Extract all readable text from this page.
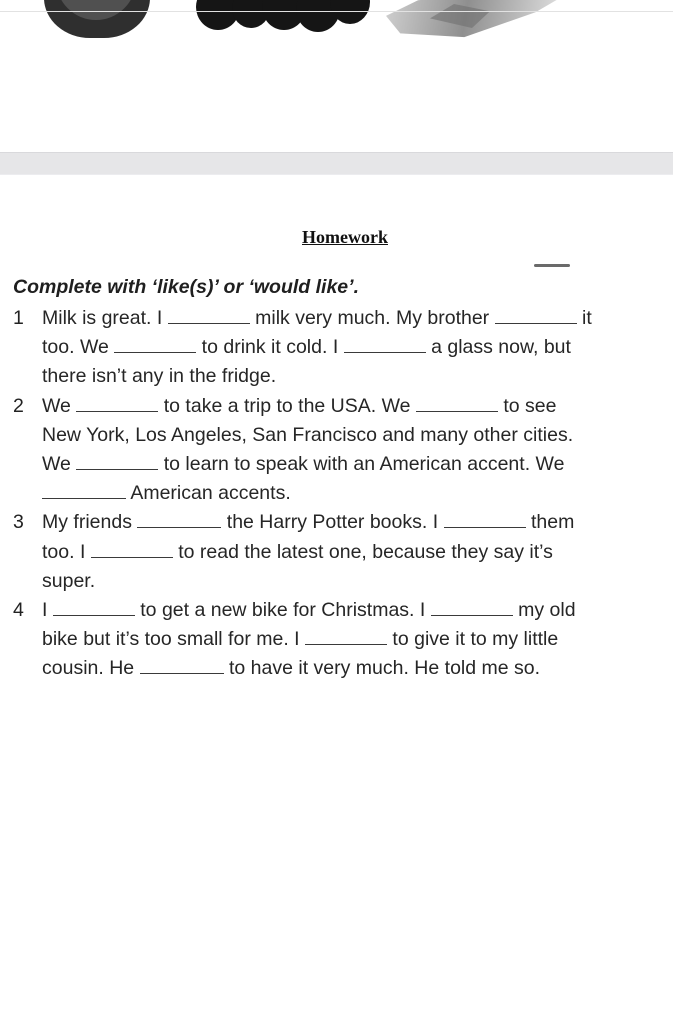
Homework
Complete with ‘like(s)’ or ‘would like’.
1 Milk is great. I	milk very much. My brother	it
too. We	to drink it cold. I	a glass now, but
there isn’t any in the fridge.
2 We	to take a trip to the USA. We	to see
New York, Los Angeles, San Francisco and many other cities.
We	to learn to speak with an American accent. We
American accents.
3 My friends	the Harry Potter books. I	them
too. I	to read the latest one, because they say it’s
super.
4 I	to get a new bike for Christmas. I	my old
bike but it’s too small for me. I	to give it to my little
cousin. He	to have it very much. He told me so.
